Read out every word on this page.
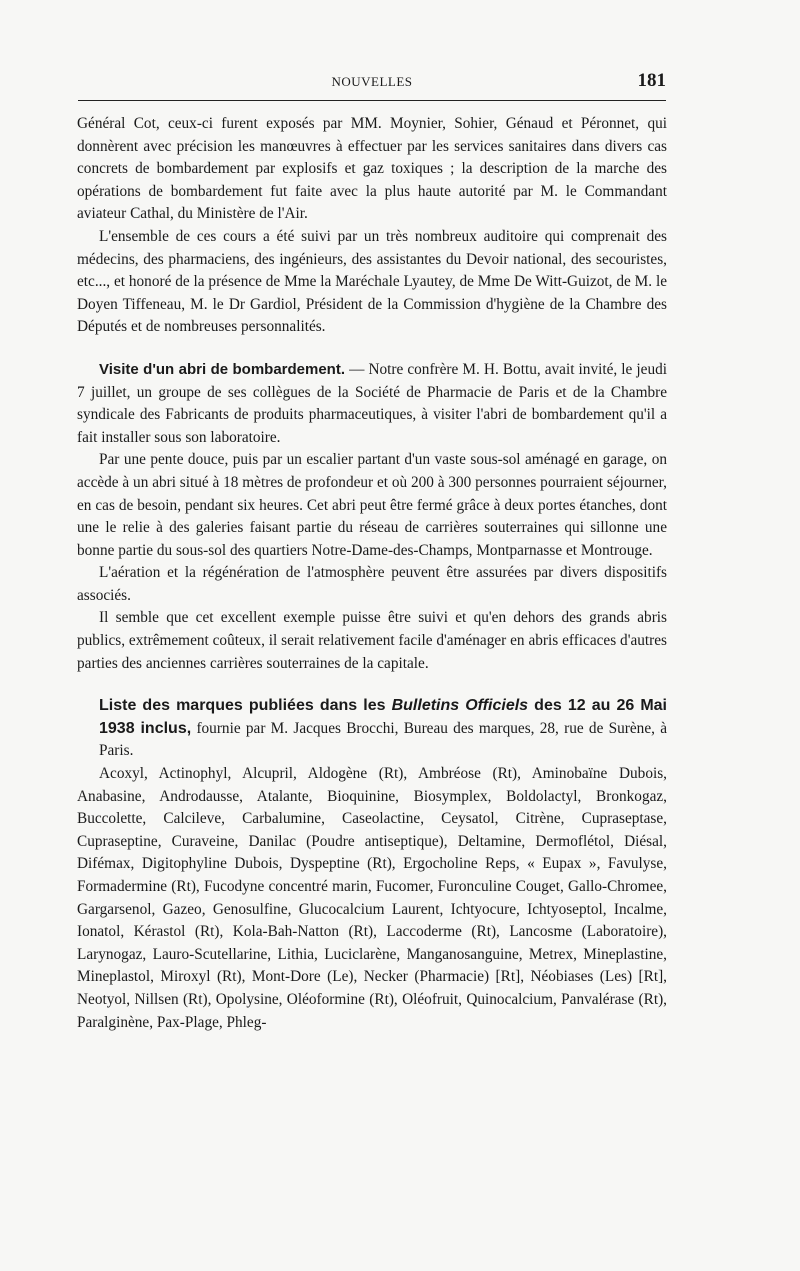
NOUVELLES	181

Général Cot, ceux-ci furent exposés par MM. Moynier, Sohier, Génaud et Péronnet, qui donnèrent avec précision les manœuvres à effectuer par les services sanitaires dans divers cas concrets de bombardement par explosifs et gaz toxiques ; la description de la marche des opérations de bombardement fut faite avec la plus haute autorité par M. le Commandant aviateur Cathal, du Ministère de l'Air.

L'ensemble de ces cours a été suivi par un très nombreux auditoire qui comprenait des médecins, des pharmaciens, des ingénieurs, des assistantes du Devoir national, des secouristes, etc..., et honoré de la présence de Mme la Maréchale Lyautey, de Mme De Witt-Guizot, de M. le Doyen Tiffeneau, M. le Dr Gardiol, Président de la Commission d'hygiène de la Chambre des Députés et de nombreuses personnalités.

Visite d'un abri de bombardement. — Notre confrère M. H. Bottu, avait invité, le jeudi 7 juillet, un groupe de ses collègues de la Société de Pharmacie de Paris et de la Chambre syndicale des Fabricants de produits pharmaceutiques, à visiter l'abri de bombardement qu'il a fait installer sous son laboratoire.

Par une pente douce, puis par un escalier partant d'un vaste sous-sol aménagé en garage, on accède à un abri situé à 18 mètres de profondeur et où 200 à 300 personnes pourraient séjourner, en cas de besoin, pendant six heures. Cet abri peut être fermé grâce à deux portes étanches, dont une le relie à des galeries faisant partie du réseau de carrières souterraines qui sillonne une bonne partie du sous-sol des quartiers Notre-Dame-des-Champs, Montparnasse et Montrouge.

L'aération et la régénération de l'atmosphère peuvent être assurées par divers dispositifs associés.

Il semble que cet excellent exemple puisse être suivi et qu'en dehors des grands abris publics, extrêmement coûteux, il serait relativement facile d'aménager en abris efficaces d'autres parties des anciennes carrières souterraines de la capitale.

Liste des marques publiées dans les Bulletins Officiels des 12 au 26 Mai 1938 inclus, fournie par M. Jacques Brocchi, Bureau des marques, 28, rue de Surène, à Paris.

Acoxyl, Actinophyl, Alcupril, Aldogène (Rt), Ambréose (Rt), Aminobaïne Dubois, Anabasine, Androdausse, Atalante, Bioquinine, Biosymplex, Boldolactyl, Bronkogaz, Buccolette, Calcileve, Carbalumine, Caseolactine, Ceysatol, Citrène, Cupraseptase, Cupraseptine, Curaveine, Danilac (Poudre antiseptique), Deltamine, Dermoflétol, Diésal, Difémax, Digitophyline Dubois, Dyspeptine (Rt), Ergocholine Reps, « Eupax », Favulyse, Formadermine (Rt), Fucodyne concentré marin, Fucomer, Furonculine Couget, Gallo-Chromee, Gargarsenol, Gazeo, Genosulfine, Glucocalcium Laurent, Ichtyocure, Ichtyoseptol, Incalme, Ionatol, Kérastol (Rt), Kola-Bah-Natton (Rt), Laccoderme (Rt), Lancosme (Laboratoire), Larynogaz, Lauro-Scutellarine, Lithia, Luciclarène, Manganosanguine, Metrex, Mineplastine, Mineplastol, Miroxyl (Rt), Mont-Dore (Le), Necker (Pharmacie) [Rt], Néobiases (Les) [Rt], Neotyol, Nillsen (Rt), Opolysine, Oléoformine (Rt), Oléofruit, Quinocalcium, Panvalérase (Rt), Paralginène, Pax-Plage, Phleg-
